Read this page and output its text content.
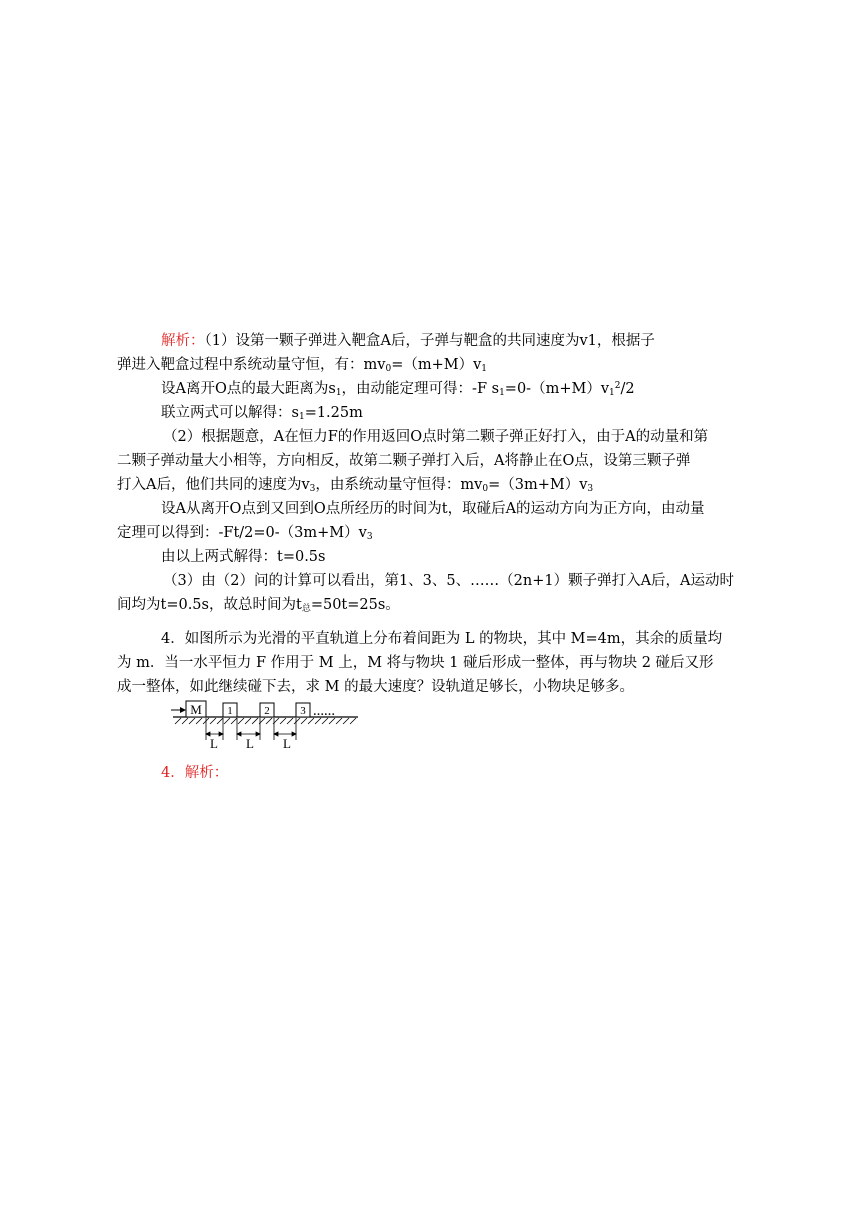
解析：（1）设第一颗子弹进入靶盒A后，子弹与靶盒的共同速度为v1，根据子
弹进入靶盒过程中系统动量守恒，有：$mv_0=(m+M)v_1$
设A离开O点的最大距离为$s_1$，由动能定理可得：-F $s_1=0-(m+M)v_1^2/2$
联立两式可以解得：$s_1=1.25m$
（2）根据题意，A在恒力F的作用返回O点时第二颗子弹正好打入，由于A的动量和第
二颗子弹动量大小相等，方向相反，故第二颗子弹打入后，A将静止在O点，设第三颗子弹
打入A后，他们共同的速度为$v_3$，由系统动量守恒得：$mv_0=(3m+M)v_3$
设A从离开O点到又回到O点所经历的时间为t，取碰后A的运动方向为正方向，由动量
定理可以得到：$-Ft/2=0-(3m+M)v_3$
由以上两式解得：t=0.5s
（3）由（2）问的计算可以看出，第1、3、5、……（2n+1）颗子弹打入A后，A运动时
间均为t=0.5s，故总时间为$t_总=50t=25s$。
4．如图所示为光滑的平直轨道上分布着间距为 L 的物块，其中 M=4m，其余的质量均
为 m．当一水平恒力 F 作用于 M 上，M 将与物块 1 碰后形成一整体，再与物块 2 碰后又形
成一整体，如此继续碰下去，求 M 的最大速度？设轨道足够长，小物块足够多。
M 1	2	3 ……
L L L
4．解析：
